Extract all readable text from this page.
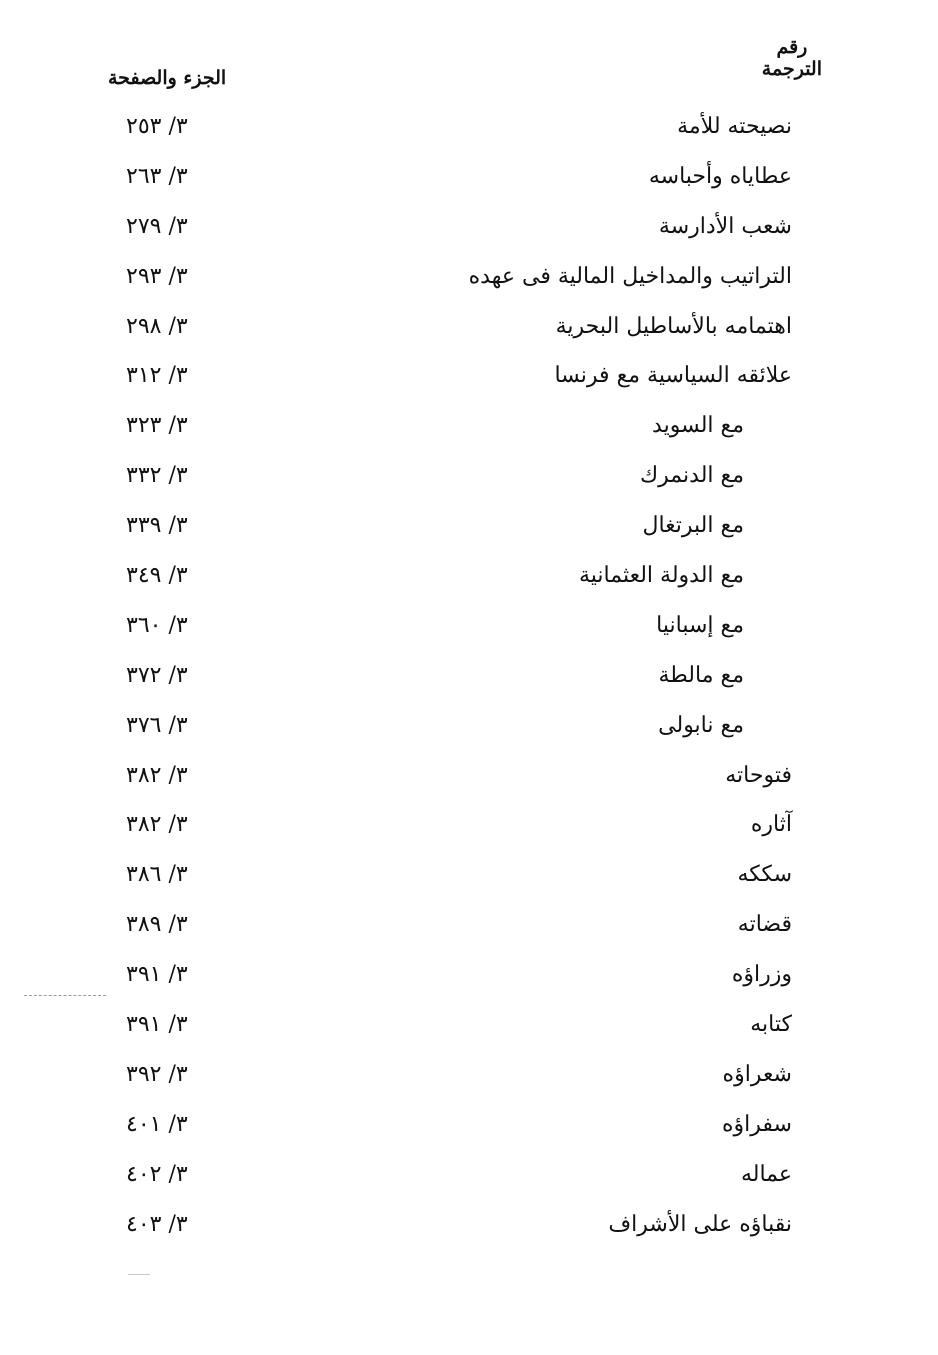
رقم
الترجمة
الجزء والصفحة
نصيحته للأمة
٣/ ٢٥٣
عطاياه وأحباسه
٣/ ٢٦٣
شعب الأدارسة
٣/ ٢٧٩
التراتيب والمداخيل المالية فى عهده
٣/ ٢٩٣
اهتمامه بالأساطيل البحرية
٣/ ٢٩٨
علائقه السياسية مع فرنسا
٣/ ٣١٢
مع السويد
٣/ ٣٢٣
مع الدنمرك
٣/ ٣٣٢
مع البرتغال
٣/ ٣٣٩
مع الدولة العثمانية
٣/ ٣٤٩
مع إسبانيا
٣/ ٣٦٠
مع مالطة
٣/ ٣٧٢
مع نابولى
٣/ ٣٧٦
فتوحاته
٣/ ٣٨٢
آثاره
٣/ ٣٨٢
سككه
٣/ ٣٨٦
قضاته
٣/ ٣٨٩
وزراؤه
٣/ ٣٩١
كتابه
٣/ ٣٩١
شعراؤه
٣/ ٣٩٢
سفراؤه
٣/ ٤٠١
عماله
٣/ ٤٠٢
نقباؤه على الأشراف
٣/ ٤٠٣
